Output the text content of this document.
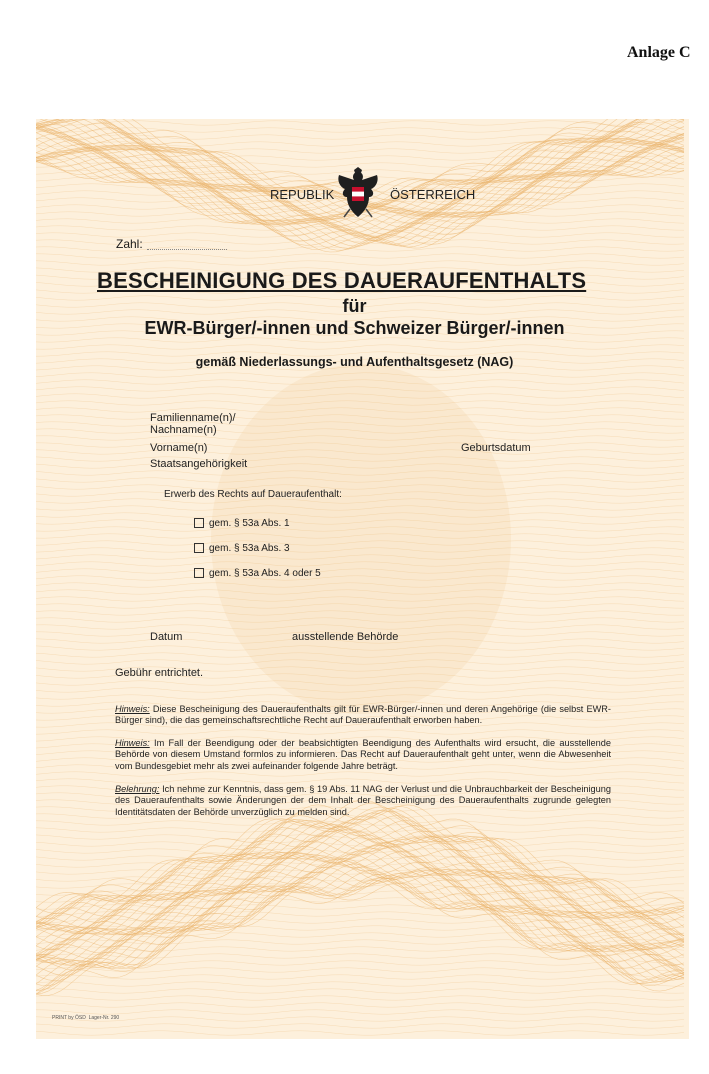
Anlage C
REPUBLIK	ÖSTERREICH
Zahl:
BESCHEINIGUNG DES DAUERAUFENTHALTS
für
EWR-Bürger/-innen und Schweizer Bürger/-innen
gemäß Niederlassungs- und Aufenthaltsgesetz (NAG)
Familienname(n)/
Nachname(n)
Vorname(n)	Geburtsdatum
Staatsangehörigkeit
Erwerb des Rechts auf Daueraufenthalt:
gem. § 53a Abs. 1
gem. § 53a Abs. 3
gem. § 53a Abs. 4 oder 5
Datum	ausstellende Behörde
Gebühr entrichtet.
Hinweis: Diese Bescheinigung des Daueraufenthalts gilt für EWR-Bürger/-innen und deren Angehörige (die selbst EWR-Bürger sind), die das gemeinschaftsrechtliche Recht auf Daueraufenthalt erworben haben.
Hinweis: Im Fall der Beendigung oder der beabsichtigten Beendigung des Aufenthalts wird ersucht, die ausstellende Behörde von diesem Umstand formlos zu informieren. Das Recht auf Daueraufenthalt geht unter, wenn die Abwesenheit vom Bundesgebiet mehr als zwei aufeinander folgende Jahre beträgt.
Belehrung: Ich nehme zur Kenntnis, dass gem. § 19 Abs. 11 NAG der Verlust und die Unbrauchbarkeit der Bescheinigung des Daueraufenthalts sowie Änderungen der dem Inhalt der Bescheinigung des Daueraufenthalts zugrunde gelegten Identitätsdaten der Behörde unverzüglich zu melden sind.
PRINT by ÖSD Lager-Nr. 290
